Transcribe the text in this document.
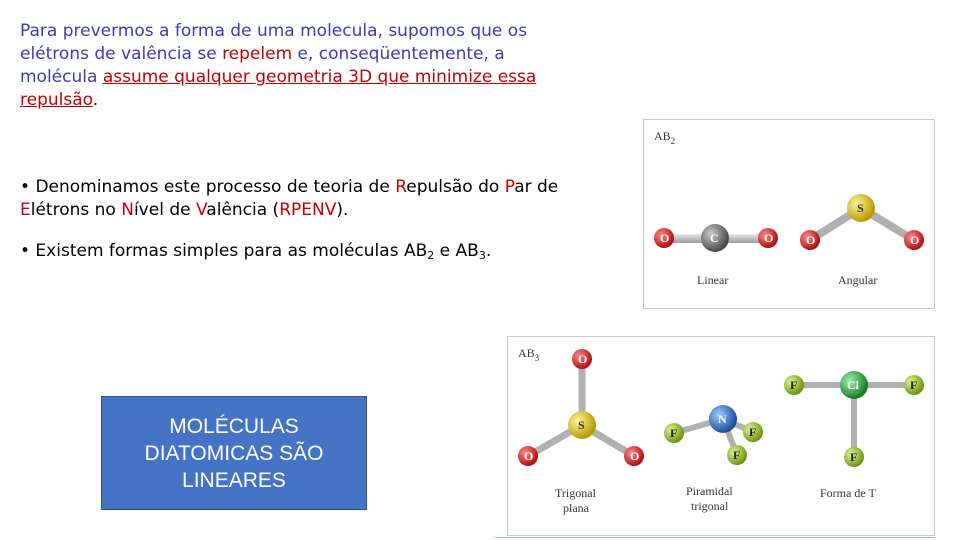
Para prevermos a forma de uma molecula, supomos que os elétrons de valência se repelem e, conseqüentemente, a molécula assume qualquer geometria 3D que minimize essa repulsão.
• Denominamos este processo de teoria de Repulsão do Par de Elétrons no Nível de Valência (RPENV).
• Existem formas simples para as moléculas $AB_2$ e $AB_3$.
MOLÉCULAS
DIATOMICAS SÃO
LINEARES
$AB_2$
O	C	O
Linear
O
S
O
Angular
$AB_3$	O
O	O
S
Trigonal
plana
F	F
F
N
Piramidal
trigonal
F	Cl	F
F
Forma de T
